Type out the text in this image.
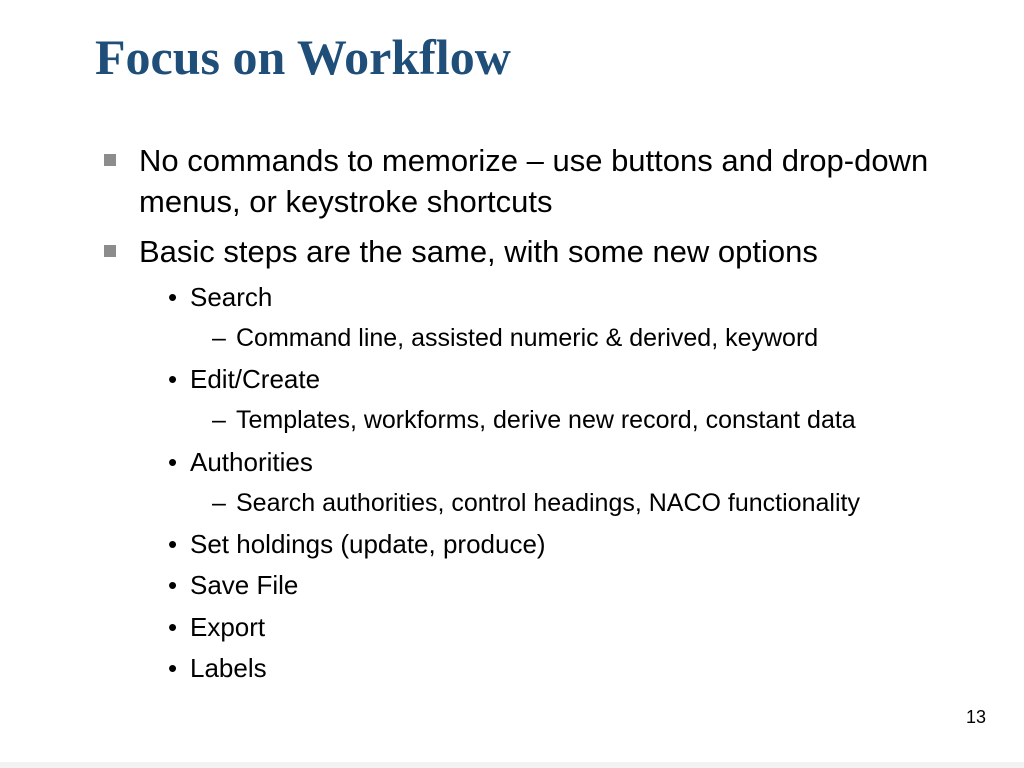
Focus on Workflow
No commands to memorize – use buttons and drop-down menus, or keystroke shortcuts
Basic steps are the same, with some new options
• Search
– Command line, assisted numeric & derived, keyword
• Edit/Create
– Templates, workforms, derive new record, constant data
• Authorities
– Search authorities, control headings, NACO functionality
• Set holdings (update, produce)
• Save File
• Export
• Labels
13
